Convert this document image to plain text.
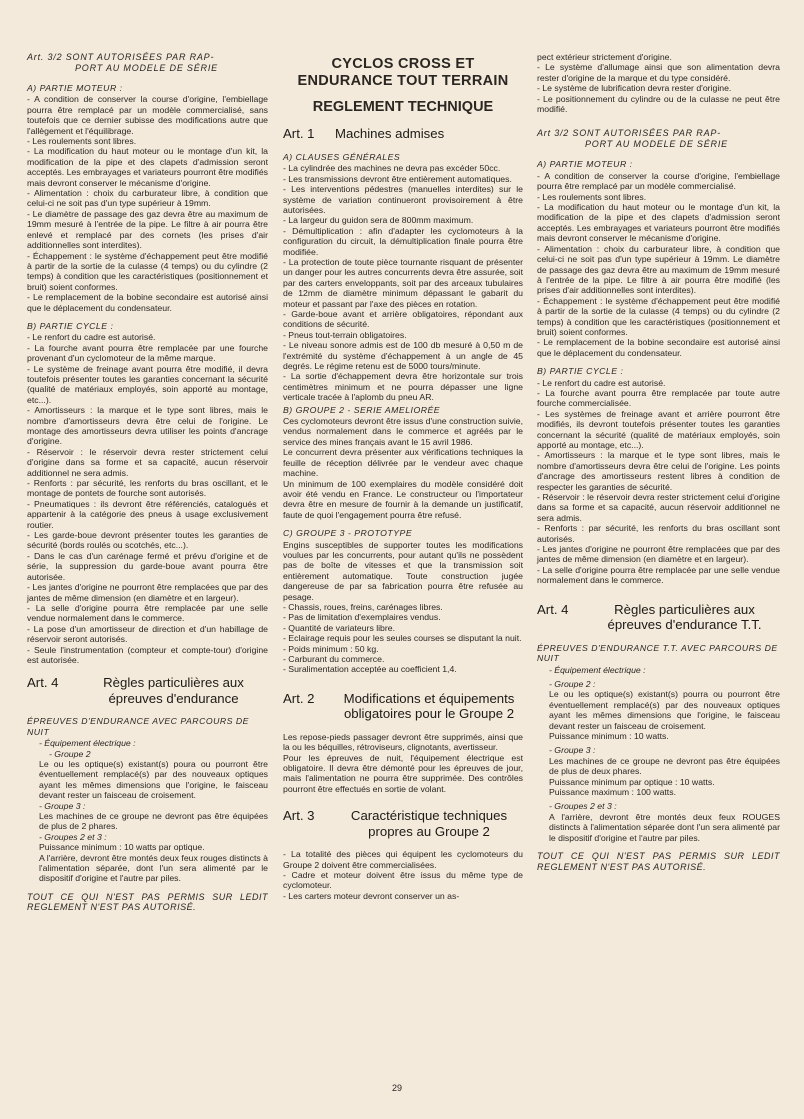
Art. 3/2 SONT AUTORISÉES PAR RAP-
PORT AU MODELE DE SÉRIE

A) PARTIE MOTEUR :

- A condition de conserver la course d'origine, l'embiellage pourra être remplacé par un modèle commercialisé, sans toutefois que ce dernier subisse des modifications autre que l'allègement et l'équilibrage.

- Les roulements sont libres.

- La modification du haut moteur ou le montage d'un kit, la modification de la pipe et des clapets d'admission seront acceptés. Les embrayages et variateurs pourront être modifiés mais devront conserver le mécanisme d'origine.

- Alimentation : choix du carburateur libre, à condition que celui-ci ne soit pas d'un type supérieur à 19mm.

- Le diamètre de passage des gaz devra être au maximum de 19mm mesuré à l'entrée de la pipe. Le filtre à air pourra être enlevé et remplacé par des cornets (les prises d'air additionnelles sont interdites).

- Échappement : le système d'échappement peut être modifié à partir de la sortie de la culasse (4 temps) ou du cylindre (2 temps) à condition que les caractéristiques (positionnement et bruit) soient conformes.

- Le remplacement de la bobine secondaire est autorisé ainsi que le déplacement du condensateur.

B) PARTIE CYCLE :

- Le renfort du cadre est autorisé.

- La fourche avant pourra être remplacée par une fourche provenant d'un cyclomoteur de la même marque.

- Le système de freinage avant pourra être modifié, il devra toutefois présenter toutes les garanties concernant la sécurité (qualité de matériaux employés, soin apporté au montage, etc...).

- Amortisseurs : la marque et le type sont libres, mais le nombre d'amortisseurs devra être celui de l'origine. Le montage des amortisseurs devra utiliser les points d'ancrage d'origine.

- Réservoir : le réservoir devra rester strictement celui d'origine dans sa forme et sa capacité, aucun réservoir additionnel ne sera admis.

- Renforts : par sécurité, les renforts du bras oscillant, et le montage de pontets de fourche sont autorisés.

- Pneumatiques : ils devront être référenciés, catalogués et appartenir à la catégorie des pneus à usage exclusivement routier.

- Les garde-boue devront présenter toutes les garanties de sécurité (bords roulés ou scotchés, etc...).

- Dans le cas d'un carénage fermé et prévu d'origine et de série, la suppression du garde-boue avant pourra être autorisée.

- Les jantes d'origine ne pourront être remplacées que par des jantes de même dimension (en diamètre et en largeur).

- La selle d'origine pourra être remplacée par une selle vendue normalement dans le commerce.

- La pose d'un amortisseur de direction et d'un habillage de réservoir seront autorisés.

- Seule l'instrumentation (compteur et compte-tour) d'origine est autorisée.

Art. 4	Règles particulières aux épreuves d'endurance

ÉPREUVES D'ENDURANCE AVEC PARCOURS DE NUIT

- Équipement électrique :

- Groupe 2

Le ou les optique(s) existant(s) poura ou pourront être éventuellement remplacé(s) par des nouveaux optiques ayant les mêmes dimensions que l'origine, le faisceau devant rester un faisceau de croisement.

- Groupe 3 :

Les machines de ce groupe ne devront pas être équipées de plus de 2 phares.

- Groupes 2 et 3 :

Puissance minimum : 10 watts par optique.

A l'arrière, devront être montés deux feux rouges distincts à l'alimentation séparée, dont l'un sera alimenté par le dispositif d'origine et l'autre par piles.

TOUT CE QUI N'EST PAS PERMIS SUR LEDIT REGLEMENT N'EST PAS AUTORISÉ.

CYCLOS CROSS ET

ENDURANCE TOUT TERRAIN

REGLEMENT TECHNIQUE

Art. 1	Machines admises

A) CLAUSES GÉNÉRALES

- La cylindrée des machines ne devra pas excéder 50cc.

- Les transmissions devront être entièrement automatiques.

- Les interventions pédestres (manuelles interdites) sur le système de variation continueront provisoirement à être autorisées.

- La largeur du guidon sera de 800mm maximum.

- Démultiplication : afin d'adapter les cyclomoteurs à la configuration du circuit, la démultiplication finale pourra être modifiée.

- La protection de toute pièce tournante risquant de présenter un danger pour les autres concurrents devra être assurée, soit par des carters enveloppants, soit par des arceaux tubulaires de 12mm de diamètre minimum dépassant le gabarit du moteur et passant par l'axe des pièces en rotation.

- Garde-boue avant et arrière obligatoires, répondant aux conditions de sécurité.

- Pneus tout-terrain obligatoires.

- Le niveau sonore admis est de 100 db mesuré à 0,50 m de l'extrémité du système d'échappement à un angle de 45 degrés. Le régime retenu est de 5000 tours/minute.

- La sortie d'échappement devra être horizontale sur trois centimètres minimum et ne pourra dépasser une ligne verticale tracée à l'aplomb du pneu AR.

B) GROUPE 2 - SERIE AMELIORÉE

Ces cyclomoteurs devront être issus d'une construction suivie, vendus normalement dans le commerce et agréés par le service des mines français avant le 15 avril 1986.

Le concurrent devra présenter aux vérifications techniques la feuille de réception délivrée par le vendeur avec chaque machine.

Un minimum de 100 exemplaires du modèle considéré doit avoir été vendu en France. Le constructeur ou l'importateur devra être en mesure de fournir à la demande un justificatif, faute de quoi l'engagement pourra être refusé.

C) GROUPE 3 - PROTOTYPE

Engins susceptibles de supporter toutes les modifications voulues par les concurrents, pour autant qu'ils ne possèdent pas de boîte de vitesses et que la transmission soit entièrement automatique. Toute construction jugée dangereuse de par sa fabrication pourra être refusée au pesage.

- Chassis, roues, freins, carénages libres.

- Pas de limitation d'exemplaires vendus.

- Quantité de variateurs libre.

- Eclairage requis pour les seules courses se disputant la nuit.

- Poids minimum : 50 kg.

- Carburant du commerce.

- Suralimentation acceptée au coefficient 1,4.

Art. 2	Modifications et équipements obligatoires pour le Groupe 2

Les repose-pieds passager devront être supprimés, ainsi que la ou les béquilles, rétroviseurs, clignotants, avertisseur.

Pour les épreuves de nuit, l'équipement électrique est obligatoire. Il devra être démonté pour les épreuves de jour, mais l'alimentation ne pourra être supprimée. Des contrôles pourront être effectués en sortie de volant.

Art. 3	Caractéristique techniques propres au Groupe 2

- La totalité des pièces qui équipent les cyclomoteurs du Groupe 2 doivent être commercialisées.

- Cadre et moteur doivent être issus du même type de cyclomoteur.

- Les carters moteur devront conserver un as-

pect extérieur strictement d'origine.

- Le système d'allumage ainsi que son alimentation devra rester d'origine de la marque et du type considéré.

- Le système de lubrification devra rester d'origine.

- Le positionnement du cylindre ou de la culasse ne peut être modifié.

Art 3/2 SONT AUTORISÉES PAR RAP-
PORT AU MODELE DE SÉRIE

A) PARTIE MOTEUR :

- A condition de conserver la course d'origine, l'embiellage pourra être remplacé par un modèle commercialisé.

- Les roulements sont libres.

- La modification du haut moteur ou le montage d'un kit, la modification de la pipe et des clapets d'admission seront acceptés. Les embrayages et variateurs pourront être modifiés mais devront conserver le mécanisme d'origine.

- Alimentation : choix du carburateur libre, à condition que celui-ci ne soit pas d'un type supérieur à 19mm. Le diamètre de passage des gaz devra être au maximum de 19mm mesuré à l'entrée de la pipe. Le filtre à air pourra être modifié (les prises d'air additionnelles sont interdites).

- Échappement : le système d'échappement peut être modifié à partir de la sortie de la culasse (4 temps) ou du cylindre (2 temps) à condition que les caractéristiques (positionnement et bruit) soient conformes.

- Le remplacement de la bobine secondaire est autorisé ainsi que le déplacement du condensateur.

B) PARTIE CYCLE :

- Le renfort du cadre est autorisé.

- La fourche avant pourra être remplacée par toute autre fourche commercialisée.

- Les systèmes de freinage avant et arrière pourront être modifiés, ils devront toutefois présenter toutes les garanties concernant la sécurité (qualité de matériaux employés, soin apporté au montage, etc...).

- Amortisseurs : la marque et le type sont libres, mais le nombre d'amortisseurs devra être celui de l'origine. Les points d'ancrage des amortisseurs restent libres à condition de respecter les garanties de sécurité.

- Réservoir : le réservoir devra rester strictement celui d'origine dans sa forme et sa capacité, aucun réservoir additionnel ne sera admis.

- Renforts : par sécurité, les renforts du bras oscillant sont autorisés.

- Les jantes d'origine ne pourront être remplacées que par des jantes de même dimension (en diamètre et en largeur).

- La selle d'origine pourra être remplacée par une selle vendue normalement dans le commerce.

Art. 4	Règles particulières aux épreuves d'endurance T.T.

ÉPREUVES D'ENDURANCE T.T. AVEC PARCOURS DE NUIT

- Équipement électrique :

- Groupe 2 :

Le ou les optique(s) existant(s) pourra ou pourront être éventuellement remplacé(s) par des nouveaux optiques ayant les mêmes dimensions que l'origine, le faisceau devant rester un faisceau de croisement.

Puissance minimum : 10 watts.

- Groupe 3 :

Les machines de ce groupe ne devront pas être équipées de plus de deux phares.

Puissance minimum par optique : 10 watts.

Puissance maximum : 100 watts.

- Groupes 2 et 3 :

A l'arrière, devront être montés deux feux ROUGES distincts à l'alimentation séparée dont l'un sera alimenté par le dispositif d'origine et l'autre par piles.

TOUT CE QUI N'EST PAS PERMIS SUR LEDIT REGLEMENT N'EST PAS AUTORISÉ.

29
